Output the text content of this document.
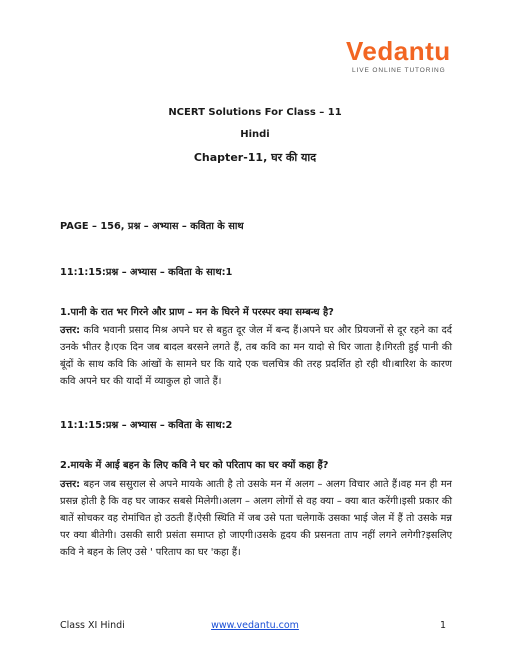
Vedantu
LIVE ONLINE TUTORING
NCERT Solutions For Class – 11
Hindi
Chapter-11, घर की याद
PAGE – 156, प्रश्न – अभ्यास – कविता के साथ
11:1:15:प्रश्न – अभ्यास – कविता के साथ:1
1.पानी के रात भर गिरने और प्राण – मन के घिरने में परस्पर क्या सम्बन्ध है?

उत्तर: कवि भवानी प्रसाद मिश्र अपने घर से बहुत दूर जेल में बन्द हैं।अपने घर और प्रियजनों से दूर रहने का दर्द उनके भीतर है।एक दिन जब बादल बरसने लगते हैं, तब कवि का मन यादो से घिर जाता है।गिरती हुई पानी की बूंदों के साथ कवि कि आंखों के सामने घर कि यादे एक चलचित्र की तरह प्रदर्शित हो रही थी।बारिश के कारण कवि अपने घर की यादों में व्याकुल हो जाते हैं।

11:1:15:प्रश्न – अभ्यास – कविता के साथ:2
2.मायके में आई बहन के लिए कवि ने घर को परिताप का घर क्यों कहा हैं?

उत्तर: बहन जब ससुराल से अपने मायके आती है तो उसके मन में अलग – अलग विचार आते हैं।वह मन ही मन प्रसन्न होती है कि वह घर जाकर सबसे मिलेगी।अलग – अलग लोगों से वह क्या – क्या बात करेंगी।इसी प्रकार की बातें सोचकर वह रोमांचित हो उठती हैं।ऐसी स्थिति में जब उसे पता चलेगाकें उसका भाई जेल में हैं तो उसके मन्न पर क्या बीतेगी। उसकी सारी प्रसंता समाप्त हो जाएगी।उसके हृदय की प्रसनता ताप नहीं लगने लगेगी?इसलिए कवि ने बहन के लिए उसे ' परिताप का घर 'कहा हैं।

Class XI Hindi	www.vedantu.com	1
